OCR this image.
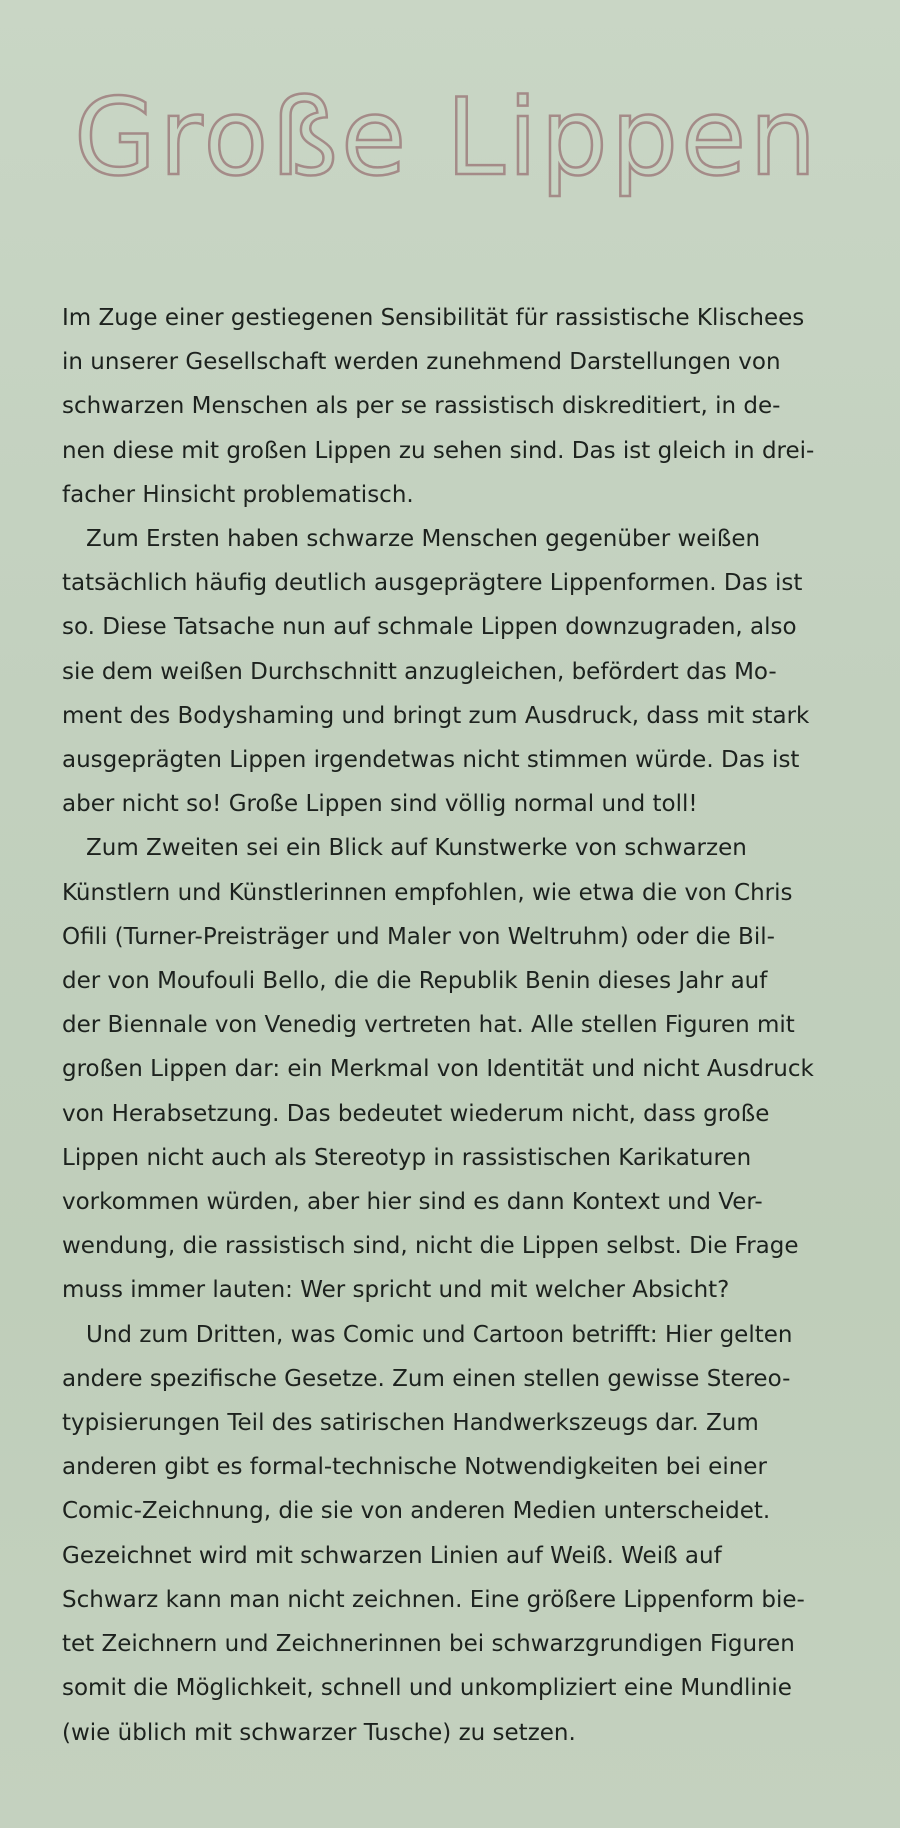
Große Lippen

Im Zuge einer gestiegenen Sensibilität für rassistische Klischees
in unserer Gesellschaft werden zunehmend Darstellungen von
schwarzen Menschen als per se rassistisch diskreditiert, in de-
nen diese mit großen Lippen zu sehen sind. Das ist gleich in drei-
facher Hinsicht problematisch.

Zum Ersten haben schwarze Menschen gegenüber weißen
tatsächlich häufig deutlich ausgeprägtere Lippenformen. Das ist
so. Diese Tatsache nun auf schmale Lippen downzugraden, also
sie dem weißen Durchschnitt anzugleichen, befördert das Mo-
ment des Bodyshaming und bringt zum Ausdruck, dass mit stark
ausgeprägten Lippen irgendetwas nicht stimmen würde. Das ist
aber nicht so! Große Lippen sind völlig normal und toll!

Zum Zweiten sei ein Blick auf Kunstwerke von schwarzen
Künstlern und Künstlerinnen empfohlen, wie etwa die von Chris
Ofili (Turner-Preisträger und Maler von Weltruhm) oder die Bil-
der von Moufouli Bello, die die Republik Benin dieses Jahr auf
der Biennale von Venedig vertreten hat. Alle stellen Figuren mit
großen Lippen dar: ein Merkmal von Identität und nicht Ausdruck
von Herabsetzung. Das bedeutet wiederum nicht, dass große
Lippen nicht auch als Stereotyp in rassistischen Karikaturen
vorkommen würden, aber hier sind es dann Kontext und Ver-
wendung, die rassistisch sind, nicht die Lippen selbst. Die Frage
muss immer lauten: Wer spricht und mit welcher Absicht?

Und zum Dritten, was Comic und Cartoon betrifft: Hier gelten
andere spezifische Gesetze. Zum einen stellen gewisse Stereo-
typisierungen Teil des satirischen Handwerkszeugs dar. Zum
anderen gibt es formal-technische Notwendigkeiten bei einer
Comic-Zeichnung, die sie von anderen Medien unterscheidet.
Gezeichnet wird mit schwarzen Linien auf Weiß. Weiß auf
Schwarz kann man nicht zeichnen. Eine größere Lippenform bie-
tet Zeichnern und Zeichnerinnen bei schwarzgrundigen Figuren
somit die Möglichkeit, schnell und unkompliziert eine Mundlinie
(wie üblich mit schwarzer Tusche) zu setzen.
